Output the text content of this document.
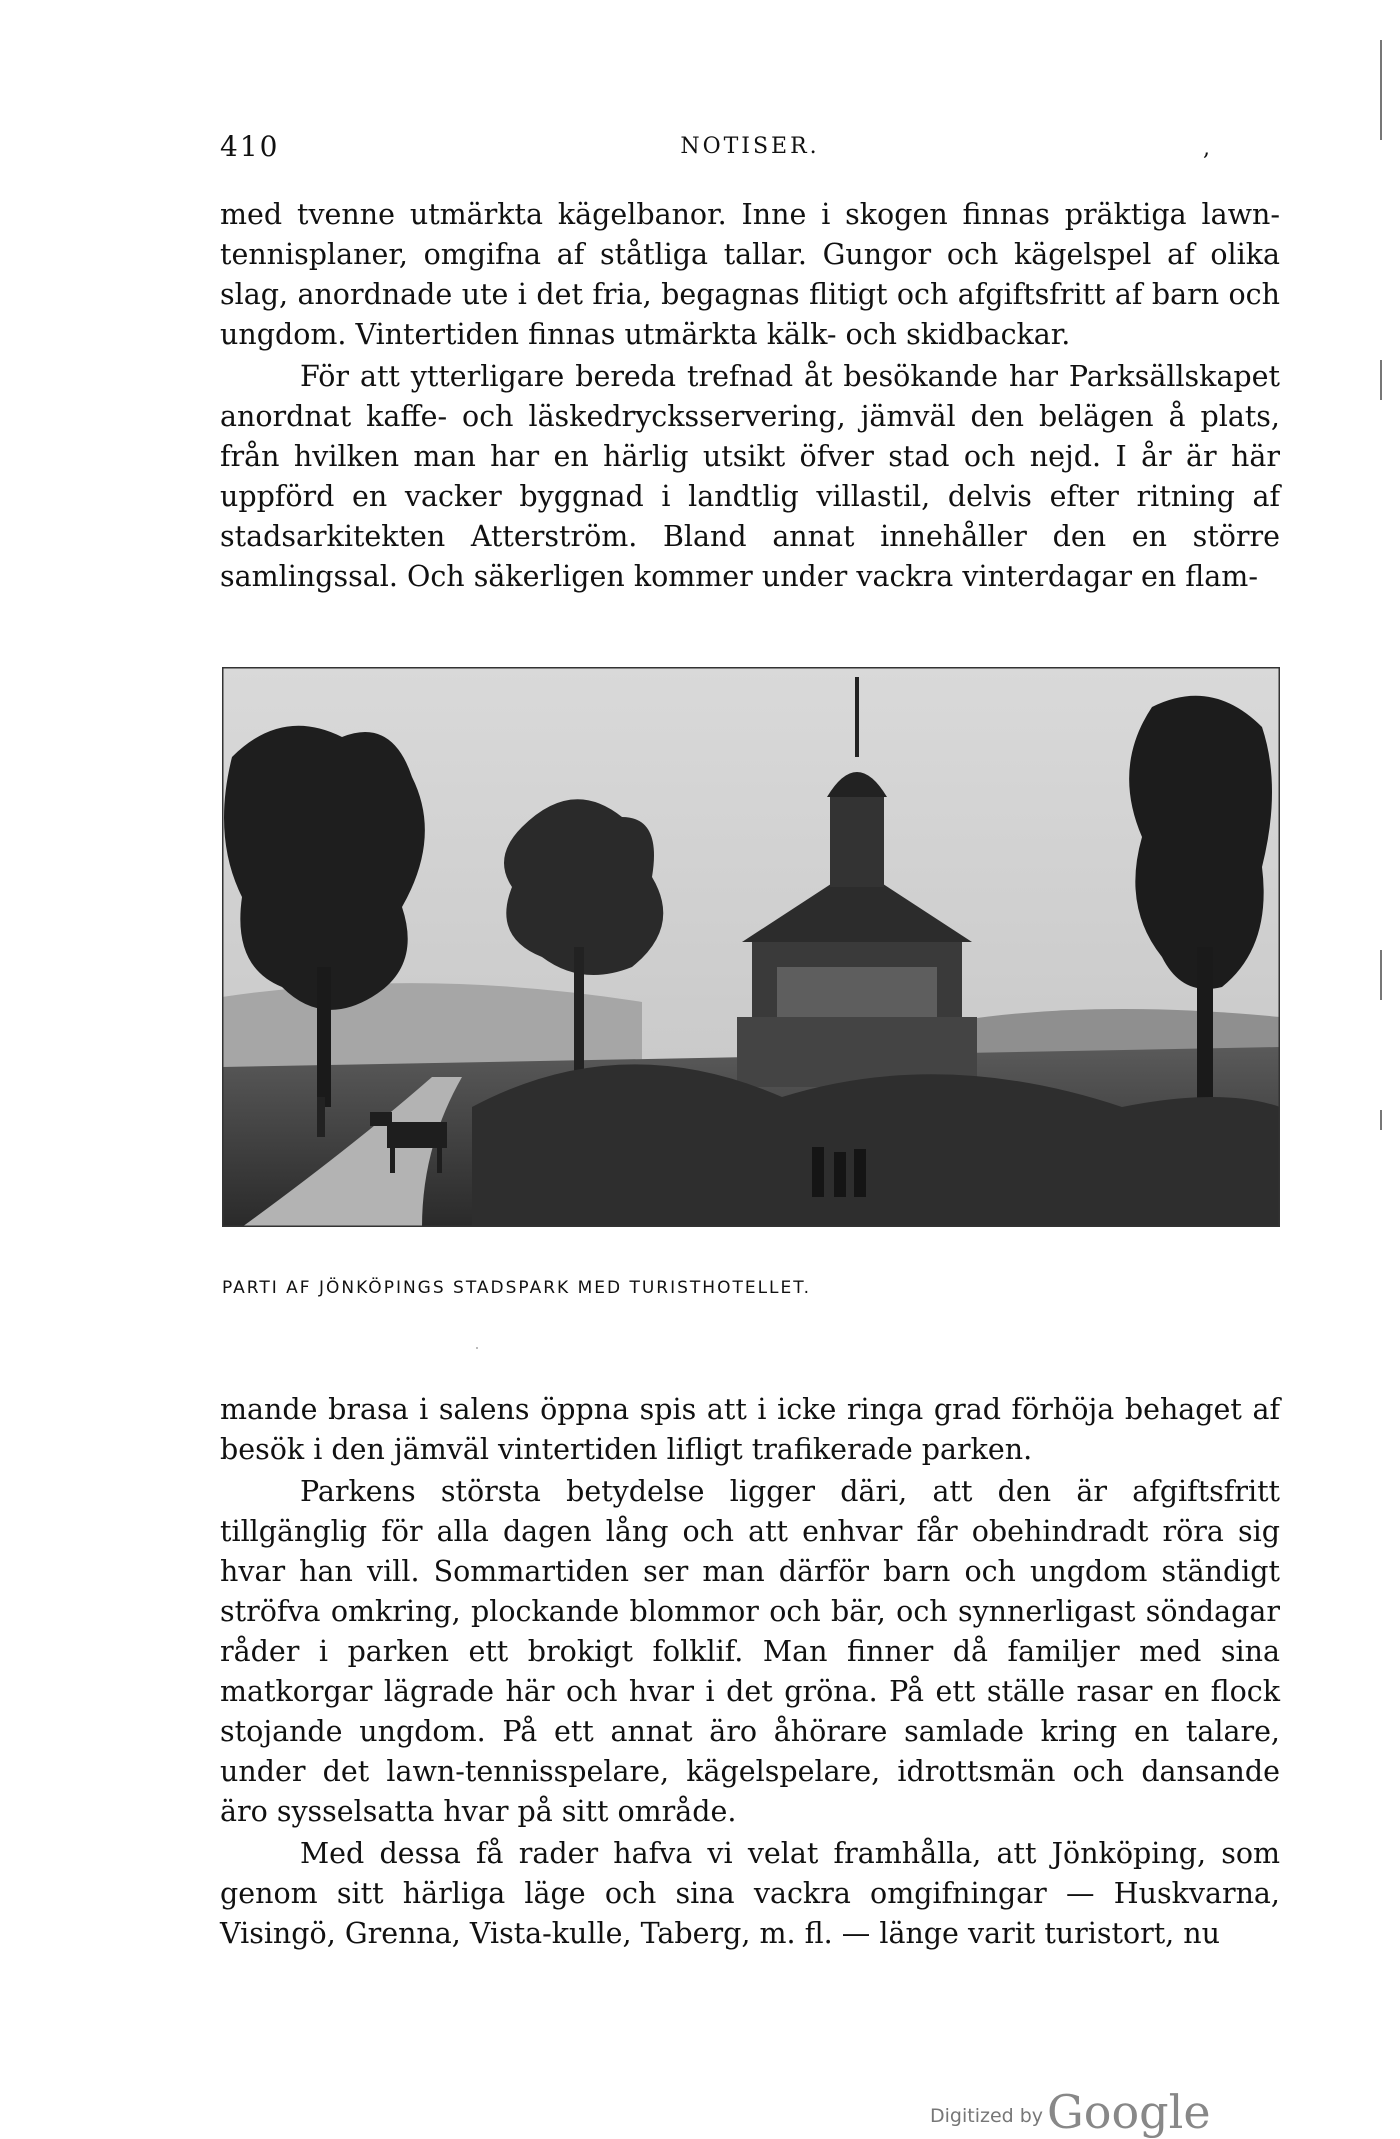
410	NOTISER.	,

med tvenne utmärkta kägelbanor. Inne i skogen finnas präktiga lawn-tennisplaner, omgifna af ståtliga tallar. Gungor och kägelspel af olika slag, anordnade ute i det fria, begagnas flitigt och afgiftsfritt af barn och ungdom. Vintertiden finnas utmärkta kälk- och skidbackar.

För att ytterligare bereda trefnad åt besökande har Parksällskapet anordnat kaffe- och läskedrycksservering, jämväl den belägen å plats, från hvilken man har en härlig utsikt öfver stad och nejd. I år är här uppförd en vacker byggnad i landtlig villastil, delvis efter ritning af stadsarkitekten Atterström. Bland annat innehåller den en större samlingssal. Och säkerligen kommer under vackra vinterdagar en flam-

PARTI AF JÖNKÖPINGS STADSPARK MED TURISTHOTELLET.

mande brasa i salens öppna spis att i icke ringa grad förhöja behaget af besök i den jämväl vintertiden lifligt trafikerade parken.

Parkens största betydelse ligger däri, att den är afgiftsfritt tillgänglig för alla dagen lång och att enhvar får obehindradt röra sig hvar han vill. Sommartiden ser man därför barn och ungdom ständigt ströfva omkring, plockande blommor och bär, och synnerligast söndagar råder i parken ett brokigt folklif. Man finner då familjer med sina matkorgar lägrade här och hvar i det gröna. På ett ställe rasar en flock stojande ungdom. På ett annat äro åhörare samlade kring en talare, under det lawn-tennisspelare, kägelspelare, idrottsmän och dansande äro sysselsatta hvar på sitt område.

Med dessa få rader hafva vi velat framhålla, att Jönköping, som genom sitt härliga läge och sina vackra omgifningar — Huskvarna, Visingö, Grenna, Vista-kulle, Taberg, m. fl. — länge varit turistort, nu

Digitized byGoogle
